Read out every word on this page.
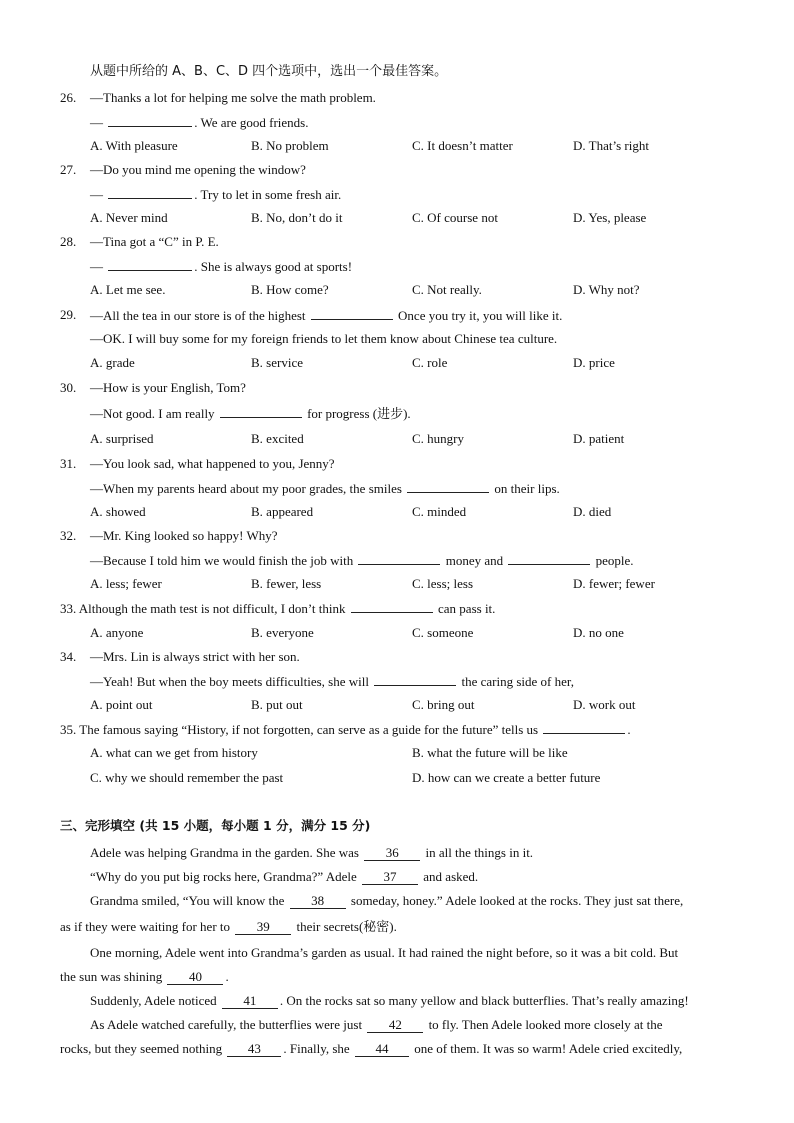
从题中所给的 A、B、C、D 四个选项中，选出一个最佳答案。
26. —Thanks a lot for helping me solve the math problem.
—	. We are good friends.
A. With pleasure	B. No problem	C. It doesn’t matter	D. That’s right
27. —Do you mind me opening the window?
—	. Try to let in some fresh air.
A. Never mind	B. No, don’t do it	C. Of course not	D. Yes, please
28. —Tina got a “C” in P. E.
—	. She is always good at sports!
A. Let me see.	B. How come?	C. Not really.	D. Why not?
29. —All the tea in our store is of the highest	Once you try it, you will like it.
—OK. I will buy some for my foreign friends to let them know about Chinese tea culture.
A. grade	B. service	C. role	D. price
30. —How is your English, Tom?
—Not good. I am really	for progress (进步).
A. surprised	B. excited	C. hungry	D. patient
31. —You look sad, what happened to you, Jenny?
—When my parents heard about my poor grades, the smiles	on their lips.
A. showed	B. appeared	C. minded	D. died
32. —Mr. King looked so happy! Why?
—Because I told him we would finish the job with	money and	people.
A. less; fewer	B. fewer, less	C. less; less	D. fewer; fewer
33. Although the math test is not difficult, I don’t think	can pass it.
A. anyone	B. everyone	C. someone	D. no one
34. —Mrs. Lin is always strict with her son.
—Yeah! But when the boy meets difficulties, she will	the caring side of her,
A. point out	B. put out	C. bring out	D. work out
35. The famous saying “History, if not forgotten, can serve as a guide for the future” tells us	.
A. what can we get from history	B. what the future will be like
C. why we should remember the past	D. how can we create a better future
三、完形填空 (共 15 小题，每小题 1 分，满分 15 分)
Adele was helping Grandma in the garden. She was 36 in all the things in it.
“Why do you put big rocks here, Grandma?” Adele 37 and asked.
Grandma smiled, “You will know the 38 someday, honey.” Adele looked at the rocks. They just sat there,
as if they were waiting for her to 39 their secrets(秘密).
One morning, Adele went into Grandma’s garden as usual. It had rained the night before, so it was a bit cold. But
the sun was shining 40 .
Suddenly, Adele noticed 41 . On the rocks sat so many yellow and black butterflies. That’s really amazing!
As Adele watched carefully, the butterflies were just 42 to fly. Then Adele looked more closely at the
rocks, but they seemed nothing 43 . Finally, she 44 one of them. It was so warm! Adele cried excitedly,
